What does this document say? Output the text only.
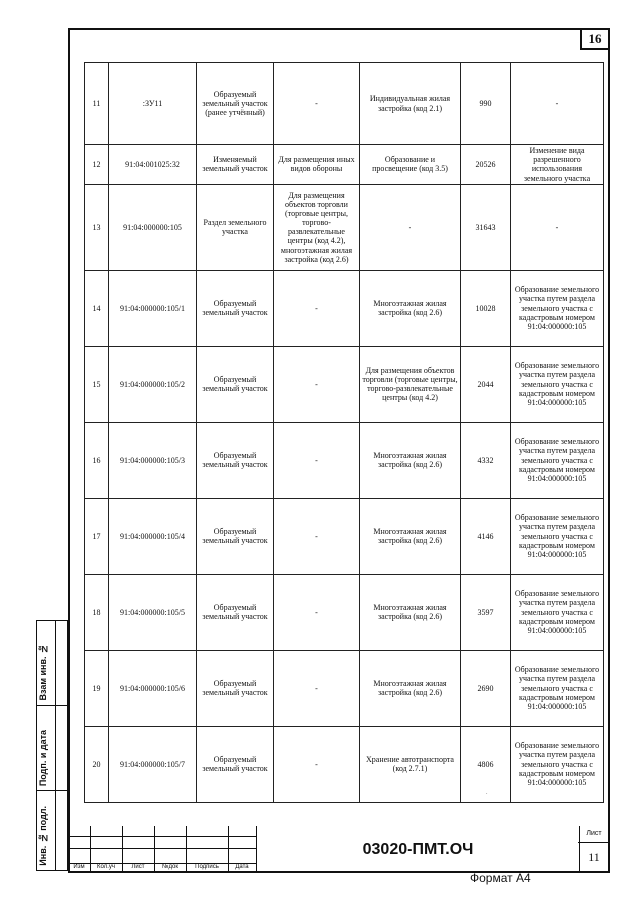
16
11	:ЗУ11	Образуемый земельный участок (ранее утчённый)	-	Индивидуальная жилая застройка (код 2.1)	990	-
12	91:04:001025:32	Изменяемый земельный участок	Для размещения иных видов обороны	Образование и просвещение (код 3.5)	20526	Изменение вида разрешенного использования земельного участка
13	91:04:000000:105	Раздел земельного участка	Для размещения объектов торговли (торговые центры, торгово-развлекательные центры (код 4.2), многоэтажная жилая застройка (код 2.6)	-	31643	-
14	91:04:000000:105/1	Образуемый земельный участок	-	Многоэтажная жилая застройка (код 2.6)	10028	Образование земельного участка путем раздела земельного участка с кадастровым номером 91:04:000000:105
15	91:04:000000:105/2	Образуемый земельный участок	-	Для размещения объектов торговли (торговые центры, торгово-развлекательные центры (код 4.2)	2044	Образование земельного участка путем раздела земельного участка с кадастровым номером 91:04:000000:105
16	91:04:000000:105/3	Образуемый земельный участок	-	Многоэтажная жилая застройка (код 2.6)	4332	Образование земельного участка путем раздела земельного участка с кадастровым номером 91:04:000000:105
17	91:04:000000:105/4	Образуемый земельный участок	-	Многоэтажная жилая застройка (код 2.6)	4146	Образование земельного участка путем раздела земельного участка с кадастровым номером 91:04:000000:105
18	91:04:000000:105/5	Образуемый земельный участок	-	Многоэтажная жилая застройка (код 2.6)	3597	Образование земельного участка путем раздела земельного участка с кадастровым номером 91:04:000000:105
19	91:04:000000:105/6	Образуемый земельный участок	-	Многоэтажная жилая застройка (код 2.6)	2690	Образование земельного участка путем раздела земельного участка с кадастровым номером 91:04:000000:105
20	91:04:000000:105/7	Образуемый земельный участок	-	Хранение автотранспорта (код 2.7.1)	4806	Образование земельного участка путем раздела земельного участка с кадастровым номером 91:04:000000:105
Взам инв. №
Подп. и дата
Инв. № подл.
Изм	Кол.уч	Лист	№док	Подпись	Дата
03020-ПМТ.ОЧ
Лист
11
.
Формат А4
